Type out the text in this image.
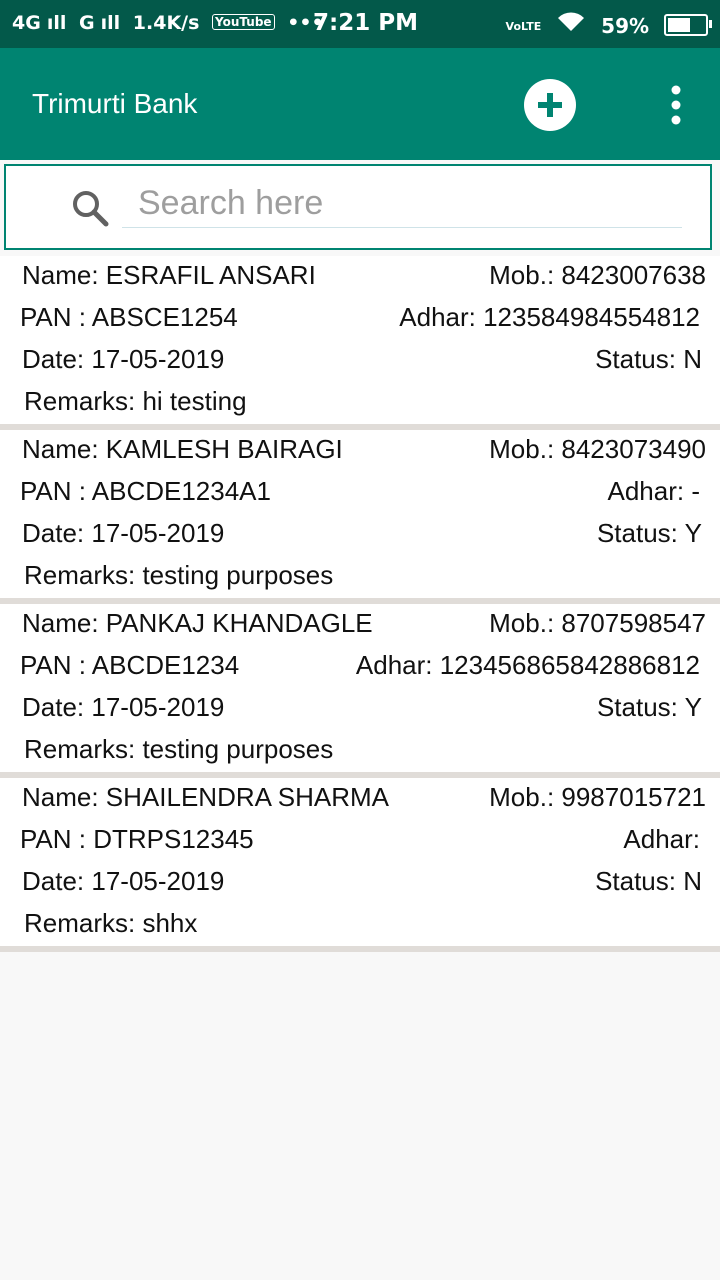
4G ıll G ıll 1.4K/s YouTube •••
7:21 PM	VoLTE	59%
Trimurti Bank
Search here
Name: ESRAFIL ANSARI	Mob.: 8423007638
PAN : ABSCE1254	Adhar: 123584984554812
Date: 17-05-2019	Status: N
Remarks: hi testing
Name: KAMLESH BAIRAGI	Mob.: 8423073490
PAN : ABCDE1234A1	Adhar: -
Date: 17-05-2019	Status: Y
Remarks: testing purposes
Name: PANKAJ KHANDAGLE	Mob.: 8707598547
PAN : ABCDE1234	Adhar: 123456865842886812
Date: 17-05-2019	Status: Y
Remarks: testing purposes
Name: SHAILENDRA SHARMA	Mob.: 9987015721
PAN : DTRPS12345	Adhar:
Date: 17-05-2019	Status: N
Remarks: shhx
